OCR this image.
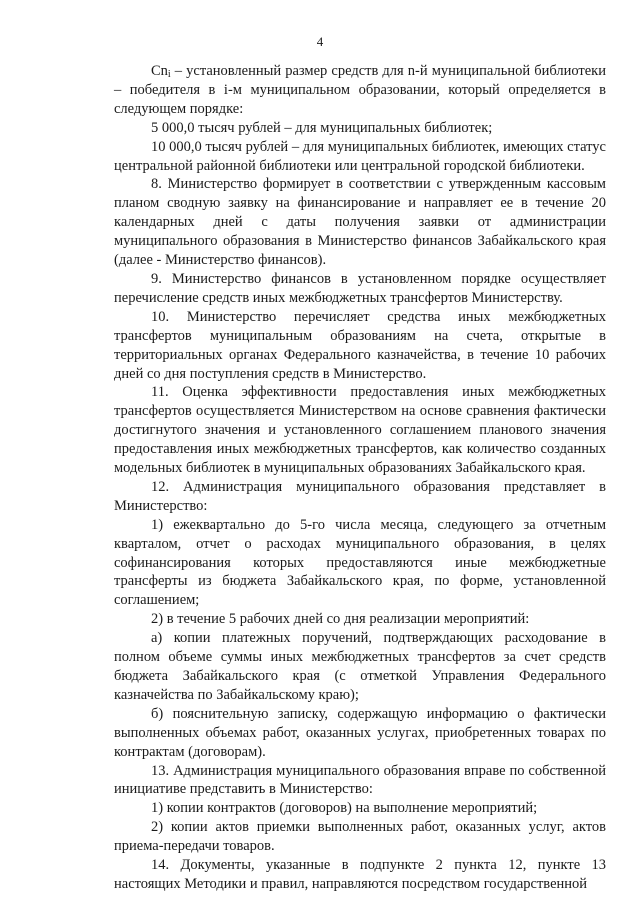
4

$Сn_i$ – установленный размер средств для n-й муниципальной библиотеки – победителя в i-м муниципальном образовании, который определяется в следующем порядке:

5 000,0 тысяч рублей – для муниципальных библиотек;

10 000,0 тысяч рублей – для муниципальных библиотек, имеющих статус центральной районной библиотеки или центральной городской библиотеки.

8. Министерство формирует в соответствии с утвержденным кассовым планом сводную заявку на финансирование и направляет ее в течение 20 календарных дней с даты получения заявки от администрации муниципального образования в Министерство финансов Забайкальского края (далее - Министерство финансов).

9. Министерство финансов в установленном порядке осуществляет перечисление средств иных межбюджетных трансфертов Министерству.

10. Министерство перечисляет средства иных межбюджетных трансфертов муниципальным образованиям на счета, открытые в территориальных органах Федерального казначейства, в течение 10 рабочих дней со дня поступления средств в Министерство.

11. Оценка эффективности предоставления иных межбюджетных трансфертов осуществляется Министерством на основе сравнения фактически достигнутого значения и установленного соглашением планового значения предоставления иных межбюджетных трансфертов, как количество созданных модельных библиотек в муниципальных образованиях Забайкальского края.

12. Администрация муниципального образования представляет в Министерство:

1) ежеквартально до 5-го числа месяца, следующего за отчетным кварталом, отчет о расходах муниципального образования, в целях софинансирования которых предоставляются иные межбюджетные трансферты из бюджета Забайкальского края, по форме, установленной соглашением;

2) в течение 5 рабочих дней со дня реализации мероприятий:

а) копии платежных поручений, подтверждающих расходование в полном объеме суммы иных межбюджетных трансфертов за счет средств бюджета Забайкальского края (с отметкой Управления Федерального казначейства по Забайкальскому краю);

б) пояснительную записку, содержащую информацию о фактически выполненных объемах работ, оказанных услугах, приобретенных товарах по контрактам (договорам).

13. Администрация муниципального образования вправе по собственной инициативе представить в Министерство:

1) копии контрактов (договоров) на выполнение мероприятий;

2) копии актов приемки выполненных работ, оказанных услуг, актов приема-передачи товаров.

14. Документы, указанные в подпункте 2 пункта 12, пункте 13 настоящих Методики и правил, направляются посредством государственной
